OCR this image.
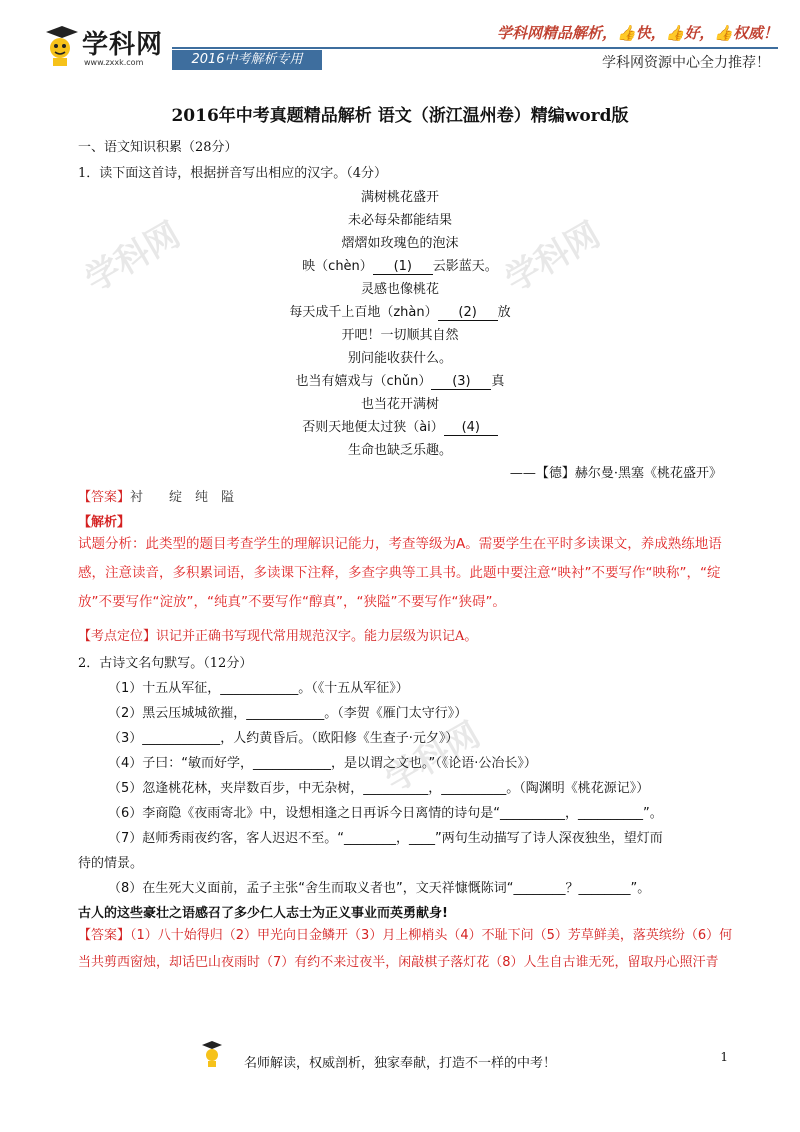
学科网	学科网
学科网
学科网
www.zxxk.com	2016中考解析专用
学科网精品解析，👍快，👍好，👍权威！
学科网资源中心全力推荐！
2016年中考真题精品解析 语文（浙江温州卷）精编word版
一、语文知识积累（28分）
1．读下面这首诗，根据拼音写出相应的汉字。（4分）
满树桃花盛开
未必每朵都能结果
熠熠如玫瑰色的泡沫
映（chèn） (1) 云影蓝天。
灵感也像桃花
每天成千上百地（zhàn） (2) 放
开吧！一切顺其自然
别问能收获什么。
也当有嬉戏与（chǔn） (3) 真
也当花开满树
否则天地便太过狭（ài） (4)
生命也缺乏乐趣。
——【德】赫尔曼·黑塞《桃花盛开》
【答案】衬　　绽　纯　隘
【解析】
试题分析：此类型的题目考查学生的理解识记能力，考查等级为A。需要学生在平时多读课文，养成熟练地语感，注意读音，多积累词语，多读课下注释，多查字典等工具书。此题中要注意“映衬”不要写作“映称”，“绽放”不要写作“淀放”，“纯真”不要写作“醇真”，“狭隘”不要写作“狭碍”。
【考点定位】识记并正确书写现代常用规范汉字。能力层级为识记A。
2．古诗文名句默写。（12分）
（1）十五从军征，____________。（《十五从军征》）
（2）黑云压城城欲摧，____________。（李贺《雁门太守行》）
（3）____________，人约黄昏后。（欧阳修《生查子·元夕》）
（4）子曰：“敏而好学，____________，是以谓之文也。”（《论语·公冶长》）
（5）忽逢桃花林，夹岸数百步，中无杂树，__________，__________。（陶渊明《桃花源记》）
（6）李商隐《夜雨寄北》中，设想相逢之日再诉今日离情的诗句是“__________，__________”。
（7）赵师秀雨夜约客，客人迟迟不至。“________，____”两句生动描写了诗人深夜独坐，望灯而
待的情景。
（8）在生死大义面前，孟子主张“舍生而取义者也”，文天祥慷慨陈词“________？________”。
古人的这些豪壮之语感召了多少仁人志士为正义事业而英勇献身!
【答案】（1）八十始得归（2）甲光向日金鳞开（3）月上柳梢头（4）不耻下问（5）芳草鲜美，落英缤纷（6）何当共剪西窗烛，却话巴山夜雨时（7）有约不来过夜半，闲敲棋子落灯花（8）人生自古谁无死，留取丹心照汗青
名师解读，权威剖析，独家奉献，打造不一样的中考！	1
